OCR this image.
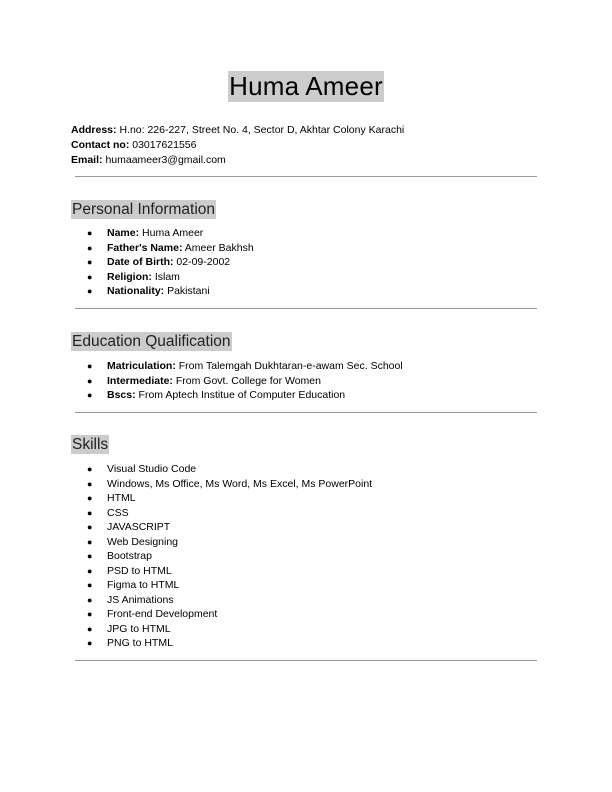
Huma Ameer
Address: H.no: 226-227, Street No. 4, Sector D, Akhtar Colony Karachi
Contact no: 03017621556
Email: humaameer3@gmail.com
Personal Information
● Name: Huma Ameer
● Father's Name: Ameer Bakhsh
● Date of Birth: 02-09-2002
● Religion: Islam
● Nationality: Pakistani
Education Qualification
● Matriculation: From Talemgah Dukhtaran-e-awam Sec. School
● Intermediate: From Govt. College for Women
● Bscs: From Aptech Institue of Computer Education
Skills
● Visual Studio Code
● Windows, Ms Office, Ms Word, Ms Excel, Ms PowerPoint
● HTML
● CSS
● JAVASCRIPT
● Web Designing
● Bootstrap
● PSD to HTML
● Figma to HTML
● JS Animations
● Front-end Development
● JPG to HTML
● PNG to HTML
